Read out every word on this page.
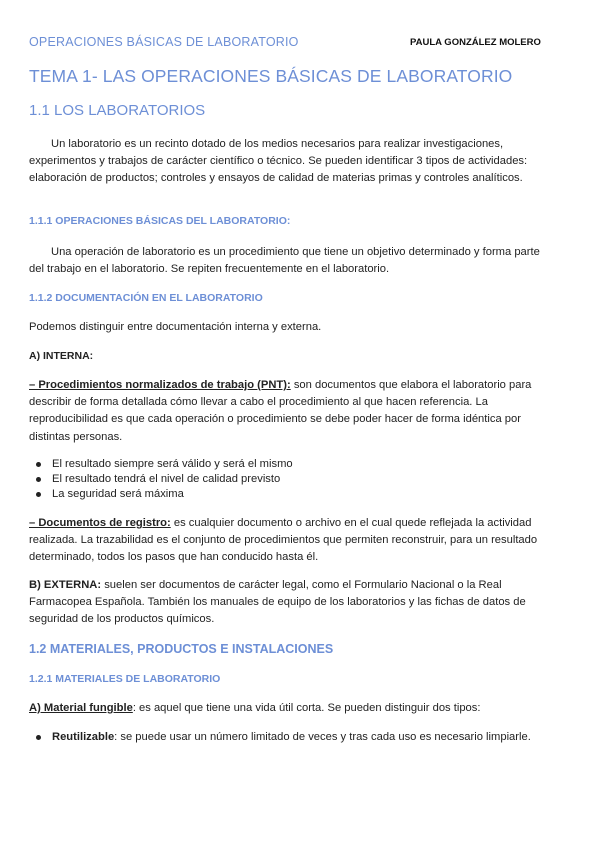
OPERACIONES BÁSICAS DE LABORATORIO	PAULA GONZÁLEZ MOLERO
TEMA 1- LAS OPERACIONES BÁSICAS DE LABORATORIO
1.1 LOS LABORATORIOS

Un laboratorio es un recinto dotado de los medios necesarios para realizar investigaciones, experimentos y trabajos de carácter científico o técnico. Se pueden identificar 3 tipos de actividades: elaboración de productos; controles y ensayos de calidad de materias primas y controles analíticos.

1.1.1 OPERACIONES BÁSICAS DEL LABORATORIO:

Una operación de laboratorio es un procedimiento que tiene un objetivo determinado y forma parte del trabajo en el laboratorio. Se repiten frecuentemente en el laboratorio.

1.1.2 DOCUMENTACIÓN EN EL LABORATORIO

Podemos distinguir entre documentación interna y externa.

A) INTERNA:

– Procedimientos normalizados de trabajo (PNT): son documentos que elabora el laboratorio para describir de forma detallada cómo llevar a cabo el procedimiento al que hacen referencia. La reproducibilidad es que cada operación o procedimiento se debe poder hacer de forma idéntica por distintas personas.

El resultado siempre será válido y será el mismo
El resultado tendrá el nivel de calidad previsto
La seguridad será máxima

– Documentos de registro: es cualquier documento o archivo en el cual quede reflejada la actividad realizada. La trazabilidad es el conjunto de procedimientos que permiten reconstruir, para un resultado determinado, todos los pasos que han conducido hasta él.

B) EXTERNA: suelen ser documentos de carácter legal, como el Formulario Nacional o la Real Farmacopea Española. También los manuales de equipo de los laboratorios y las fichas de datos de seguridad de los productos químicos.

1.2 MATERIALES, PRODUCTOS E INSTALACIONES
1.2.1 MATERIALES DE LABORATORIO

A) Material fungible: es aquel que tiene una vida útil corta. Se pueden distinguir dos tipos:

Reutilizable: se puede usar un número limitado de veces y tras cada uso es necesario limpiarle.
